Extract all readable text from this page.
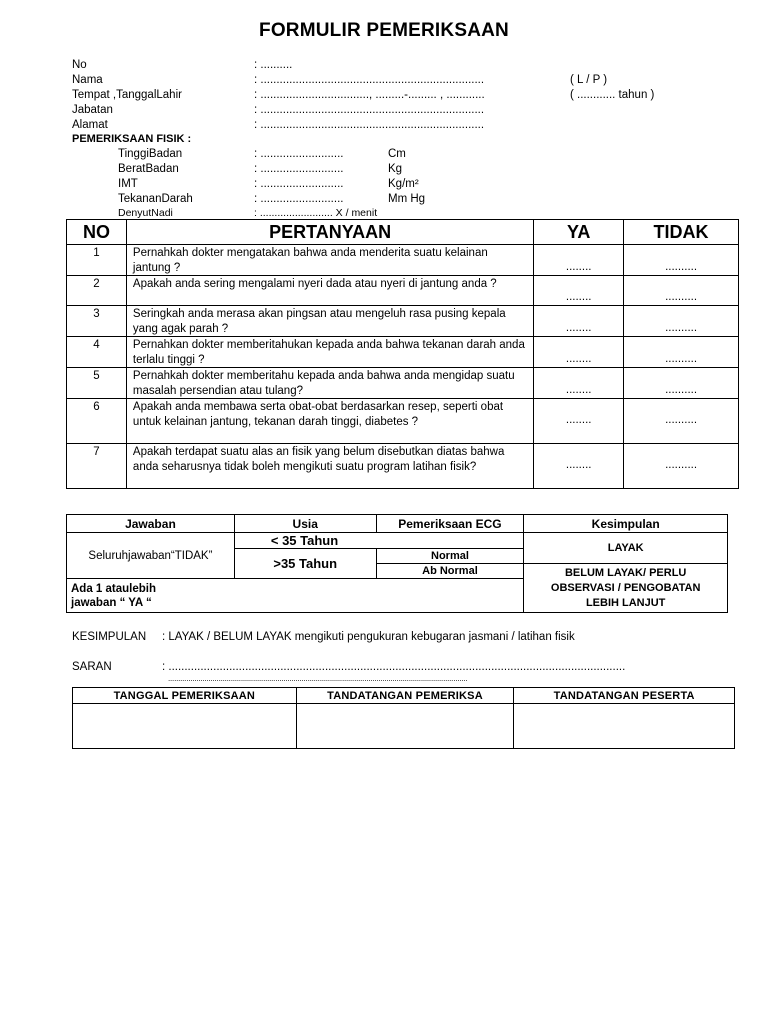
FORMULIR PEMERIKSAAN
No	: ..........
Nama	: ......................................................................	( L / P )
Tempat ,TanggalLahir	: .................................., .........-......... , ............	( ............ tahun )
Jabatan	: ......................................................................
Alamat	: ......................................................................
PEMERIKSAAN FISIK :
TinggiBadan	: ..........................	Cm
BeratBadan	: ..........................	Kg
IMT	: ..........................	Kg/m²
TekananDarah	: ..........................	Mm Hg
DenyutNadi	: ......................... X / menit
NO	PERTANYAAN	YA	TIDAK
1	Pernahkah dokter mengatakan bahwa anda menderita suatu kelainan jantung ?	........	..........
2	Apakah anda sering mengalami nyeri dada atau nyeri di jantung anda ?	........	..........
3	Seringkah anda merasa akan pingsan atau mengeluh rasa pusing kepala yang agak parah ?	........	..........
4	Pernahkan dokter memberitahukan kepada anda bahwa tekanan darah anda terlalu tinggi ?	........	..........
5	Pernahkah dokter memberitahu kepada anda bahwa anda mengidap suatu masalah persendian atau tulang?	........	..........
6	Apakah anda membawa serta obat-obat berdasarkan resep, seperti obat untuk kelainan jantung, tekanan darah tinggi, diabetes ?	........	..........
7	Apakah terdapat suatu alas an fisik yang belum disebutkan diatas bahwa anda seharusnya tidak boleh mengikuti suatu program latihan fisik?	........	..........
Jawaban	Usia	Pemeriksaan ECG	Kesimpulan
Seluruhjawaban“TIDAK”	< 35 Tahun		LAYAK
	>35 Tahun	Normal	
		Ab Normal	BELUM LAYAK/ PERLU
OBSERVASI / PENGOBATAN
LEBIH LANJUT

Ada 1 ataulebih
jawaban “ YA “			
KESIMPULAN : LAYAK / BELUM LAYAK mengikuti pengukuran kebugaran jasmani / latihan fisik
SARAN	: ...............................................................................................................................................
....................................................................................................................................................
TANGGAL PEMERIKSAAN	TANDATANGAN PEMERIKSA	TANDATANGAN PESERTA
